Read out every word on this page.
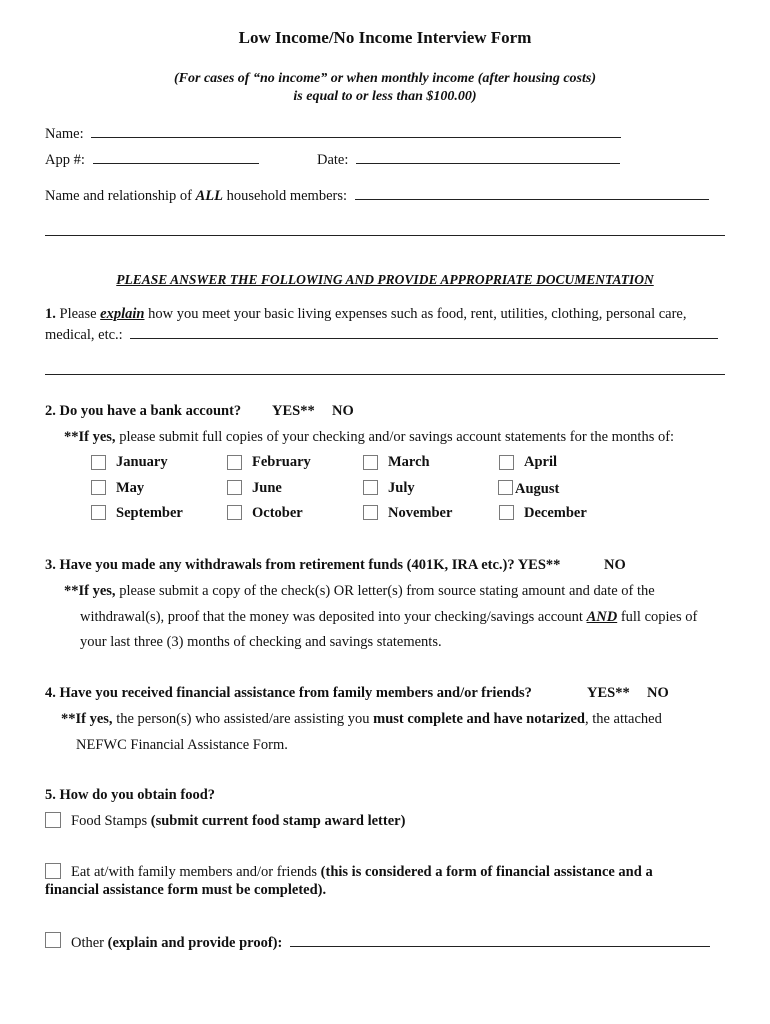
Low Income/No Income Interview Form
(For cases of “no income” or when monthly income (after housing costs)
is equal to or less than $100.00)
Name:
App #:	Date:
Name and relationship of ALL household members:
PLEASE ANSWER THE FOLLOWING AND PROVIDE APPROPRIATE DOCUMENTATION
1. Please explain how you meet your basic living expenses such as food, rent, utilities, clothing, personal care,
medical, etc.:
2. Do you have a bank account? YES** NO
**If yes, please submit full copies of your checking and/or savings account statements for the months of:
January	February	March	April
May	June	July	August
September	October	November	December
3. Have you made any withdrawals from retirement funds (401K, IRA etc.)? YES**	NO
**If yes, please submit a copy of the check(s) OR letter(s) from source stating amount and date of the
withdrawal(s), proof that the money was deposited into your checking/savings account AND full copies of
your last three (3) months of checking and savings statements.
4. Have you received financial assistance from family members and/or friends?	YES** NO
**If yes, the person(s) who assisted/are assisting you must complete and have notarized, the attached
NEFWC Financial Assistance Form.
5. How do you obtain food?
Food Stamps (submit current food stamp award letter)
Eat at/with family members and/or friends (this is considered a form of financial assistance and a
financial assistance form must be completed).
Other (explain and provide proof):
